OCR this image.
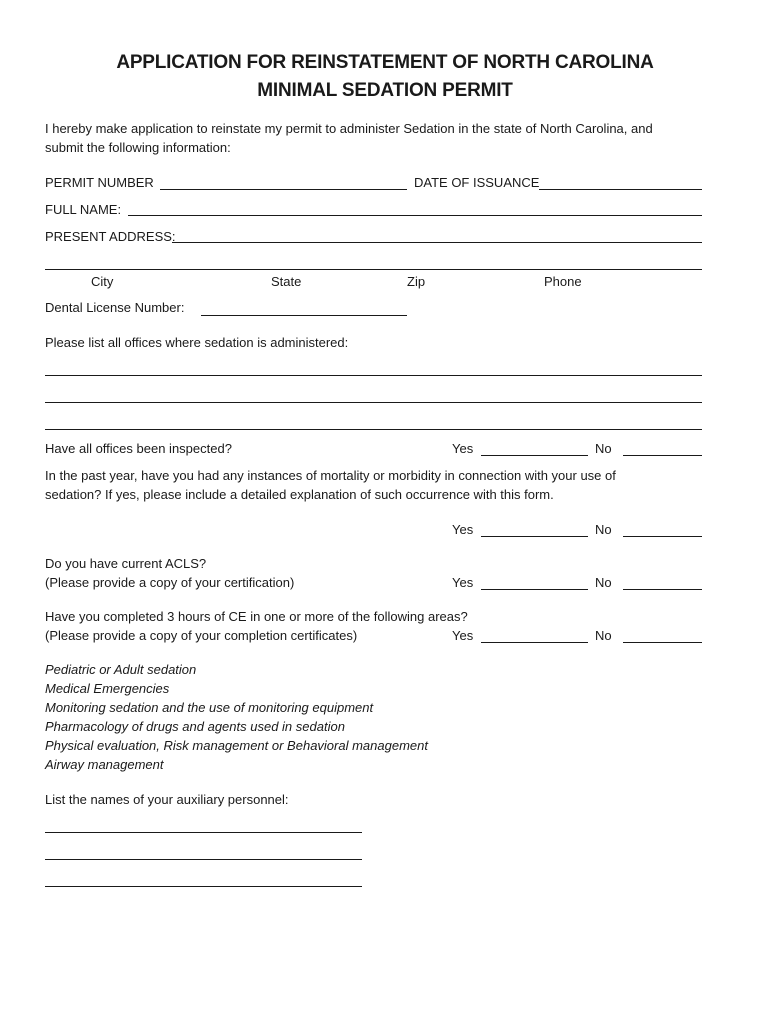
APPLICATION FOR REINSTATEMENT OF NORTH CAROLINA
MINIMAL SEDATION PERMIT
I hereby make application to reinstate my permit to administer Sedation in the state of North Carolina, and
submit the following information:
PERMIT NUMBER	DATE OF ISSUANCE
FULL NAME:
PRESENT ADDRESS:
City	State	Zip	Phone
Dental License Number:
Please list all offices where sedation is administered:
Have all offices been inspected?	Yes	No
In the past year, have you had any instances of mortality or morbidity in connection with your use of
sedation? If yes, please include a detailed explanation of such occurrence with this form.
Yes	No
Do you have current ACLS?
(Please provide a copy of your certification)	Yes	No
Have you completed 3 hours of CE in one or more of the following areas?
(Please provide a copy of your completion certificates)	Yes	No
Pediatric or Adult sedation
Medical Emergencies
Monitoring sedation and the use of monitoring equipment
Pharmacology of drugs and agents used in sedation
Physical evaluation, Risk management or Behavioral management
Airway management
List the names of your auxiliary personnel:
